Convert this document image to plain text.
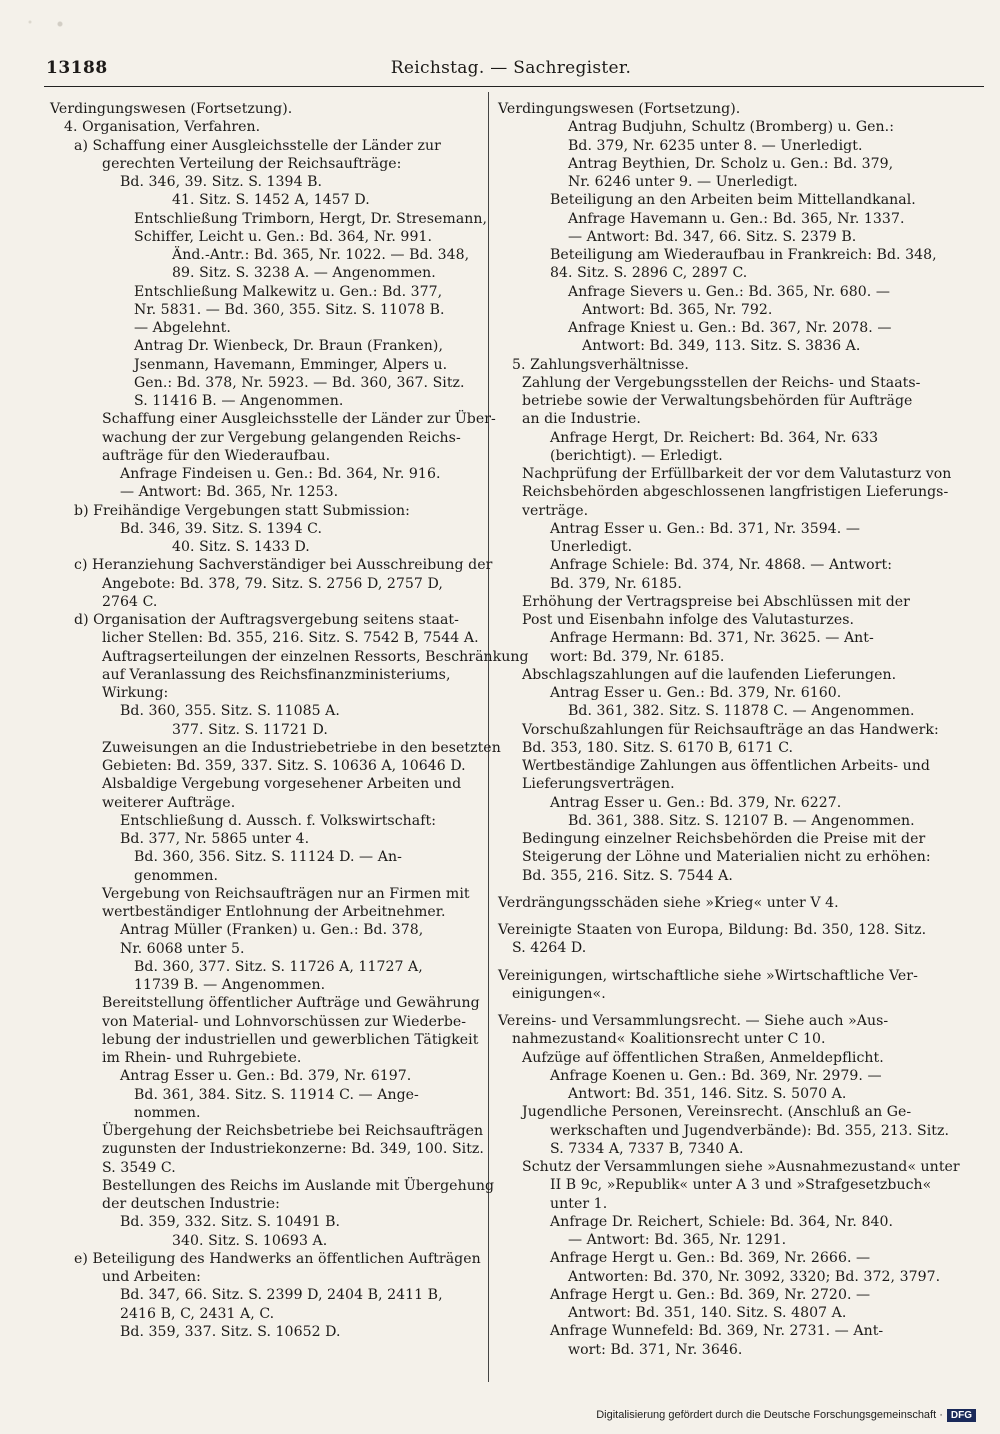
13188	Reichstag. — Sachregister.
Verdingungswesen (Fortsetzung).
4. Organisation, Verfahren.
a) Schaffung einer Ausgleichsstelle der Länder zur
gerechten Verteilung der Reichsaufträge:
Bd. 346, 39. Sitz. S. 1394 B.
41. Sitz. S. 1452 A, 1457 D.
Entschließung Trimborn, Hergt, Dr. Stresemann,
Schiffer, Leicht u. Gen.: Bd. 364, Nr. 991.
Änd.-Antr.: Bd. 365, Nr. 1022. — Bd. 348,
89. Sitz. S. 3238 A. — Angenommen.
Entschließung Malkewitz u. Gen.: Bd. 377,
Nr. 5831. — Bd. 360, 355. Sitz. S. 11078 B.
— Abgelehnt.
Antrag Dr. Wienbeck, Dr. Braun (Franken),
Jsenmann, Havemann, Emminger, Alpers u.
Gen.: Bd. 378, Nr. 5923. — Bd. 360, 367. Sitz.
S. 11416 B. — Angenommen.
Schaffung einer Ausgleichsstelle der Länder zur Über-
wachung der zur Vergebung gelangenden Reichs-
aufträge für den Wiederaufbau.
Anfrage Findeisen u. Gen.: Bd. 364, Nr. 916.
— Antwort: Bd. 365, Nr. 1253.
b) Freihändige Vergebungen statt Submission:
Bd. 346, 39. Sitz. S. 1394 C.
40. Sitz. S. 1433 D.
c) Heranziehung Sachverständiger bei Ausschreibung der
Angebote: Bd. 378, 79. Sitz. S. 2756 D, 2757 D,
2764 C.
d) Organisation der Auftragsvergebung seitens staat-
licher Stellen: Bd. 355, 216. Sitz. S. 7542 B, 7544 A.
Auftragserteilungen der einzelnen Ressorts, Beschränkung
auf Veranlassung des Reichsfinanzministeriums,
Wirkung:
Bd. 360, 355. Sitz. S. 11085 A.
377. Sitz. S. 11721 D.
Zuweisungen an die Industriebetriebe in den besetzten
Gebieten: Bd. 359, 337. Sitz. S. 10636 A, 10646 D.
Alsbaldige Vergebung vorgesehener Arbeiten und
weiterer Aufträge.
Entschließung d. Aussch. f. Volkswirtschaft:
Bd. 377, Nr. 5865 unter 4.
Bd. 360, 356. Sitz. S. 11124 D. — An-
genommen.
Vergebung von Reichsaufträgen nur an Firmen mit
wertbeständiger Entlohnung der Arbeitnehmer.
Antrag Müller (Franken) u. Gen.: Bd. 378,
Nr. 6068 unter 5.
Bd. 360, 377. Sitz. S. 11726 A, 11727 A,
11739 B. — Angenommen.
Bereitstellung öffentlicher Aufträge und Gewährung
von Material- und Lohnvorschüssen zur Wiederbe-
lebung der industriellen und gewerblichen Tätigkeit
im Rhein- und Ruhrgebiete.
Antrag Esser u. Gen.: Bd. 379, Nr. 6197.
Bd. 361, 384. Sitz. S. 11914 C. — Ange-
nommen.
Übergehung der Reichsbetriebe bei Reichsaufträgen
zugunsten der Industriekonzerne: Bd. 349, 100. Sitz.
S. 3549 C.
Bestellungen des Reichs im Auslande mit Übergehung
der deutschen Industrie:
Bd. 359, 332. Sitz. S. 10491 B.
340. Sitz. S. 10693 A.
e) Beteiligung des Handwerks an öffentlichen Aufträgen
und Arbeiten:
Bd. 347, 66. Sitz. S. 2399 D, 2404 B, 2411 B,
2416 B, C, 2431 A, C.
Bd. 359, 337. Sitz. S. 10652 D.
Verdingungswesen (Fortsetzung).
Antrag Budjuhn, Schultz (Bromberg) u. Gen.:
Bd. 379, Nr. 6235 unter 8. — Unerledigt.
Antrag Beythien, Dr. Scholz u. Gen.: Bd. 379,
Nr. 6246 unter 9. — Unerledigt.
Beteiligung an den Arbeiten beim Mittellandkanal.
Anfrage Havemann u. Gen.: Bd. 365, Nr. 1337.
— Antwort: Bd. 347, 66. Sitz. S. 2379 B.
Beteiligung am Wiederaufbau in Frankreich: Bd. 348,
84. Sitz. S. 2896 C, 2897 C.
Anfrage Sievers u. Gen.: Bd. 365, Nr. 680. —
Antwort: Bd. 365, Nr. 792.
Anfrage Kniest u. Gen.: Bd. 367, Nr. 2078. —
Antwort: Bd. 349, 113. Sitz. S. 3836 A.
5. Zahlungsverhältnisse.
Zahlung der Vergebungsstellen der Reichs- und Staats-
betriebe sowie der Verwaltungsbehörden für Aufträge
an die Industrie.
Anfrage Hergt, Dr. Reichert: Bd. 364, Nr. 633
(berichtigt). — Erledigt.
Nachprüfung der Erfüllbarkeit der vor dem Valutasturz von
Reichsbehörden abgeschlossenen langfristigen Lieferungs-
verträge.
Antrag Esser u. Gen.: Bd. 371, Nr. 3594. —
Unerledigt.
Anfrage Schiele: Bd. 374, Nr. 4868. — Antwort:
Bd. 379, Nr. 6185.
Erhöhung der Vertragspreise bei Abschlüssen mit der
Post und Eisenbahn infolge des Valutasturzes.
Anfrage Hermann: Bd. 371, Nr. 3625. — Ant-
wort: Bd. 379, Nr. 6185.
Abschlagszahlungen auf die laufenden Lieferungen.
Antrag Esser u. Gen.: Bd. 379, Nr. 6160.
Bd. 361, 382. Sitz. S. 11878 C. — Angenommen.
Vorschußzahlungen für Reichsaufträge an das Handwerk:
Bd. 353, 180. Sitz. S. 6170 B, 6171 C.
Wertbeständige Zahlungen aus öffentlichen Arbeits- und
Lieferungsverträgen.
Antrag Esser u. Gen.: Bd. 379, Nr. 6227.
Bd. 361, 388. Sitz. S. 12107 B. — Angenommen.
Bedingung einzelner Reichsbehörden die Preise mit der
Steigerung der Löhne und Materialien nicht zu erhöhen:
Bd. 355, 216. Sitz. S. 7544 A.
Verdrängungsschäden siehe »Krieg« unter V 4.
Vereinigte Staaten von Europa, Bildung: Bd. 350, 128. Sitz.
S. 4264 D.
Vereinigungen, wirtschaftliche siehe »Wirtschaftliche Ver-
einigungen«.
Vereins- und Versammlungsrecht. — Siehe auch »Aus-
nahmezustand« Koalitionsrecht unter C 10.
Aufzüge auf öffentlichen Straßen, Anmeldepflicht.
Anfrage Koenen u. Gen.: Bd. 369, Nr. 2979. —
Antwort: Bd. 351, 146. Sitz. S. 5070 A.
Jugendliche Personen, Vereinsrecht. (Anschluß an Ge-
werkschaften und Jugendverbände): Bd. 355, 213. Sitz.
S. 7334 A, 7337 B, 7340 A.
Schutz der Versammlungen siehe »Ausnahmezustand« unter
II B 9c, »Republik« unter A 3 und »Strafgesetzbuch«
unter 1.
Anfrage Dr. Reichert, Schiele: Bd. 364, Nr. 840.
— Antwort: Bd. 365, Nr. 1291.
Anfrage Hergt u. Gen.: Bd. 369, Nr. 2666. —
Antworten: Bd. 370, Nr. 3092, 3320; Bd. 372, 3797.
Anfrage Hergt u. Gen.: Bd. 369, Nr. 2720. —
Antwort: Bd. 351, 140. Sitz. S. 4807 A.
Anfrage Wunnefeld: Bd. 369, Nr. 2731. — Ant-
wort: Bd. 371, Nr. 3646.
Digitalisierung gefördert durch die Deutsche Forschungsgemeinschaft · DFG
